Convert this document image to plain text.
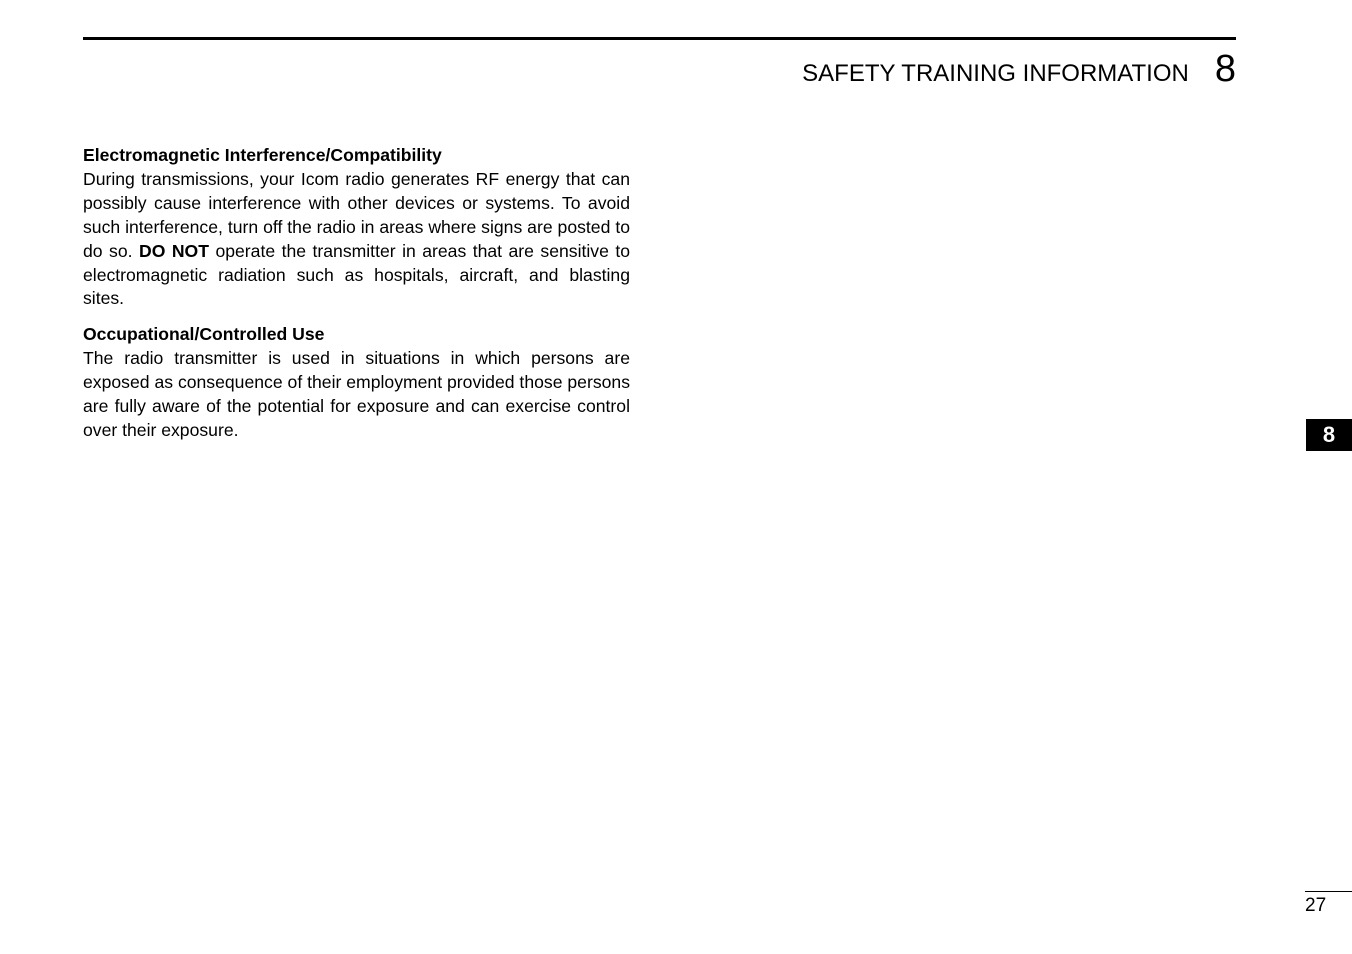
SAFETY TRAINING INFORMATION 8

Electromagnetic Interference/Compatibility

During transmissions, your Icom radio generates RF energy that can possibly cause interference with other devices or systems. To avoid such interference, turn off the radio in areas where signs are posted to do so. DO NOT operate the transmitter in areas that are sensitive to electromagnetic radiation such as hospitals, aircraft, and blasting sites.

Occupational/Controlled Use

The radio transmitter is used in situations in which persons are exposed as consequence of their employment provided those persons are fully aware of the potential for exposure and can exercise control over their exposure.	8
27
